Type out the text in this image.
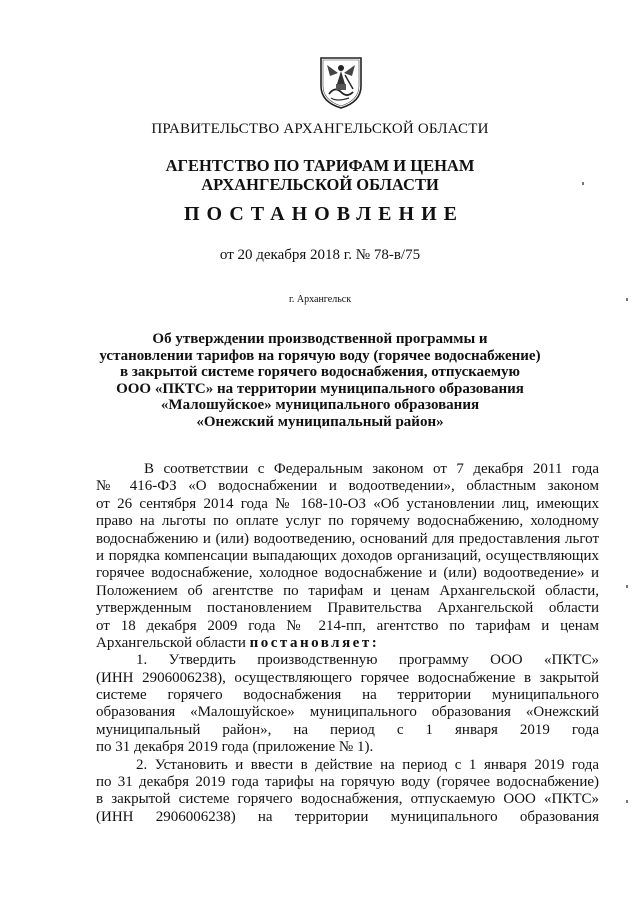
ПРАВИТЕЛЬСТВО АРХАНГЕЛЬСКОЙ ОБЛАСТИ
АГЕНТСТВО ПО ТАРИФАМ И ЦЕНАМ
АРХАНГЕЛЬСКОЙ ОБЛАСТИ
ПОСТАНОВЛЕНИЕ
от 20 декабря 2018 г. № 78-в/75
г. Архангельск
Об утверждении производственной программы и
установлении тарифов на горячую воду (горячее водоснабжение)
в закрытой системе горячего водоснабжения, отпускаемую
ООО «ПКТС» на территории муниципального образования
«Малошуйское» муниципального образования
«Онежский муниципальный район»
В соответствии с Федеральным законом от 7 декабря 2011 года
№ 416-ФЗ «О водоснабжении и водоотведении», областным законом
от 26 сентября 2014 года № 168-10-ОЗ «Об установлении лиц, имеющих
право на льготы по оплате услуг по горячему водоснабжению, холодному
водоснабжению и (или) водоотведению, оснований для предоставления льгот
и порядка компенсации выпадающих доходов организаций, осуществляющих
горячее водоснабжение, холодное водоснабжение и (или) водоотведение» и
Положением об агентстве по тарифам и ценам Архангельской области,
утвержденным постановлением Правительства Архангельской области
от 18 декабря 2009 года № 214-пп, агентство по тарифам и ценам
Архангельской области постановляет:
1. Утвердить производственную программу ООО «ПКТС»
(ИНН 2906006238), осуществляющего горячее водоснабжение в закрытой
системе горячего водоснабжения на территории муниципального
образования «Малошуйское» муниципального образования «Онежский
муниципальный район», на период с 1 января 2019 года
по 31 декабря 2019 года (приложение № 1).
2. Установить и ввести в действие на период с 1 января 2019 года
по 31 декабря 2019 года тарифы на горячую воду (горячее водоснабжение)
в закрытой системе горячего водоснабжения, отпускаемую ООО «ПКТС»
(ИНН 2906006238) на территории муниципального образования
